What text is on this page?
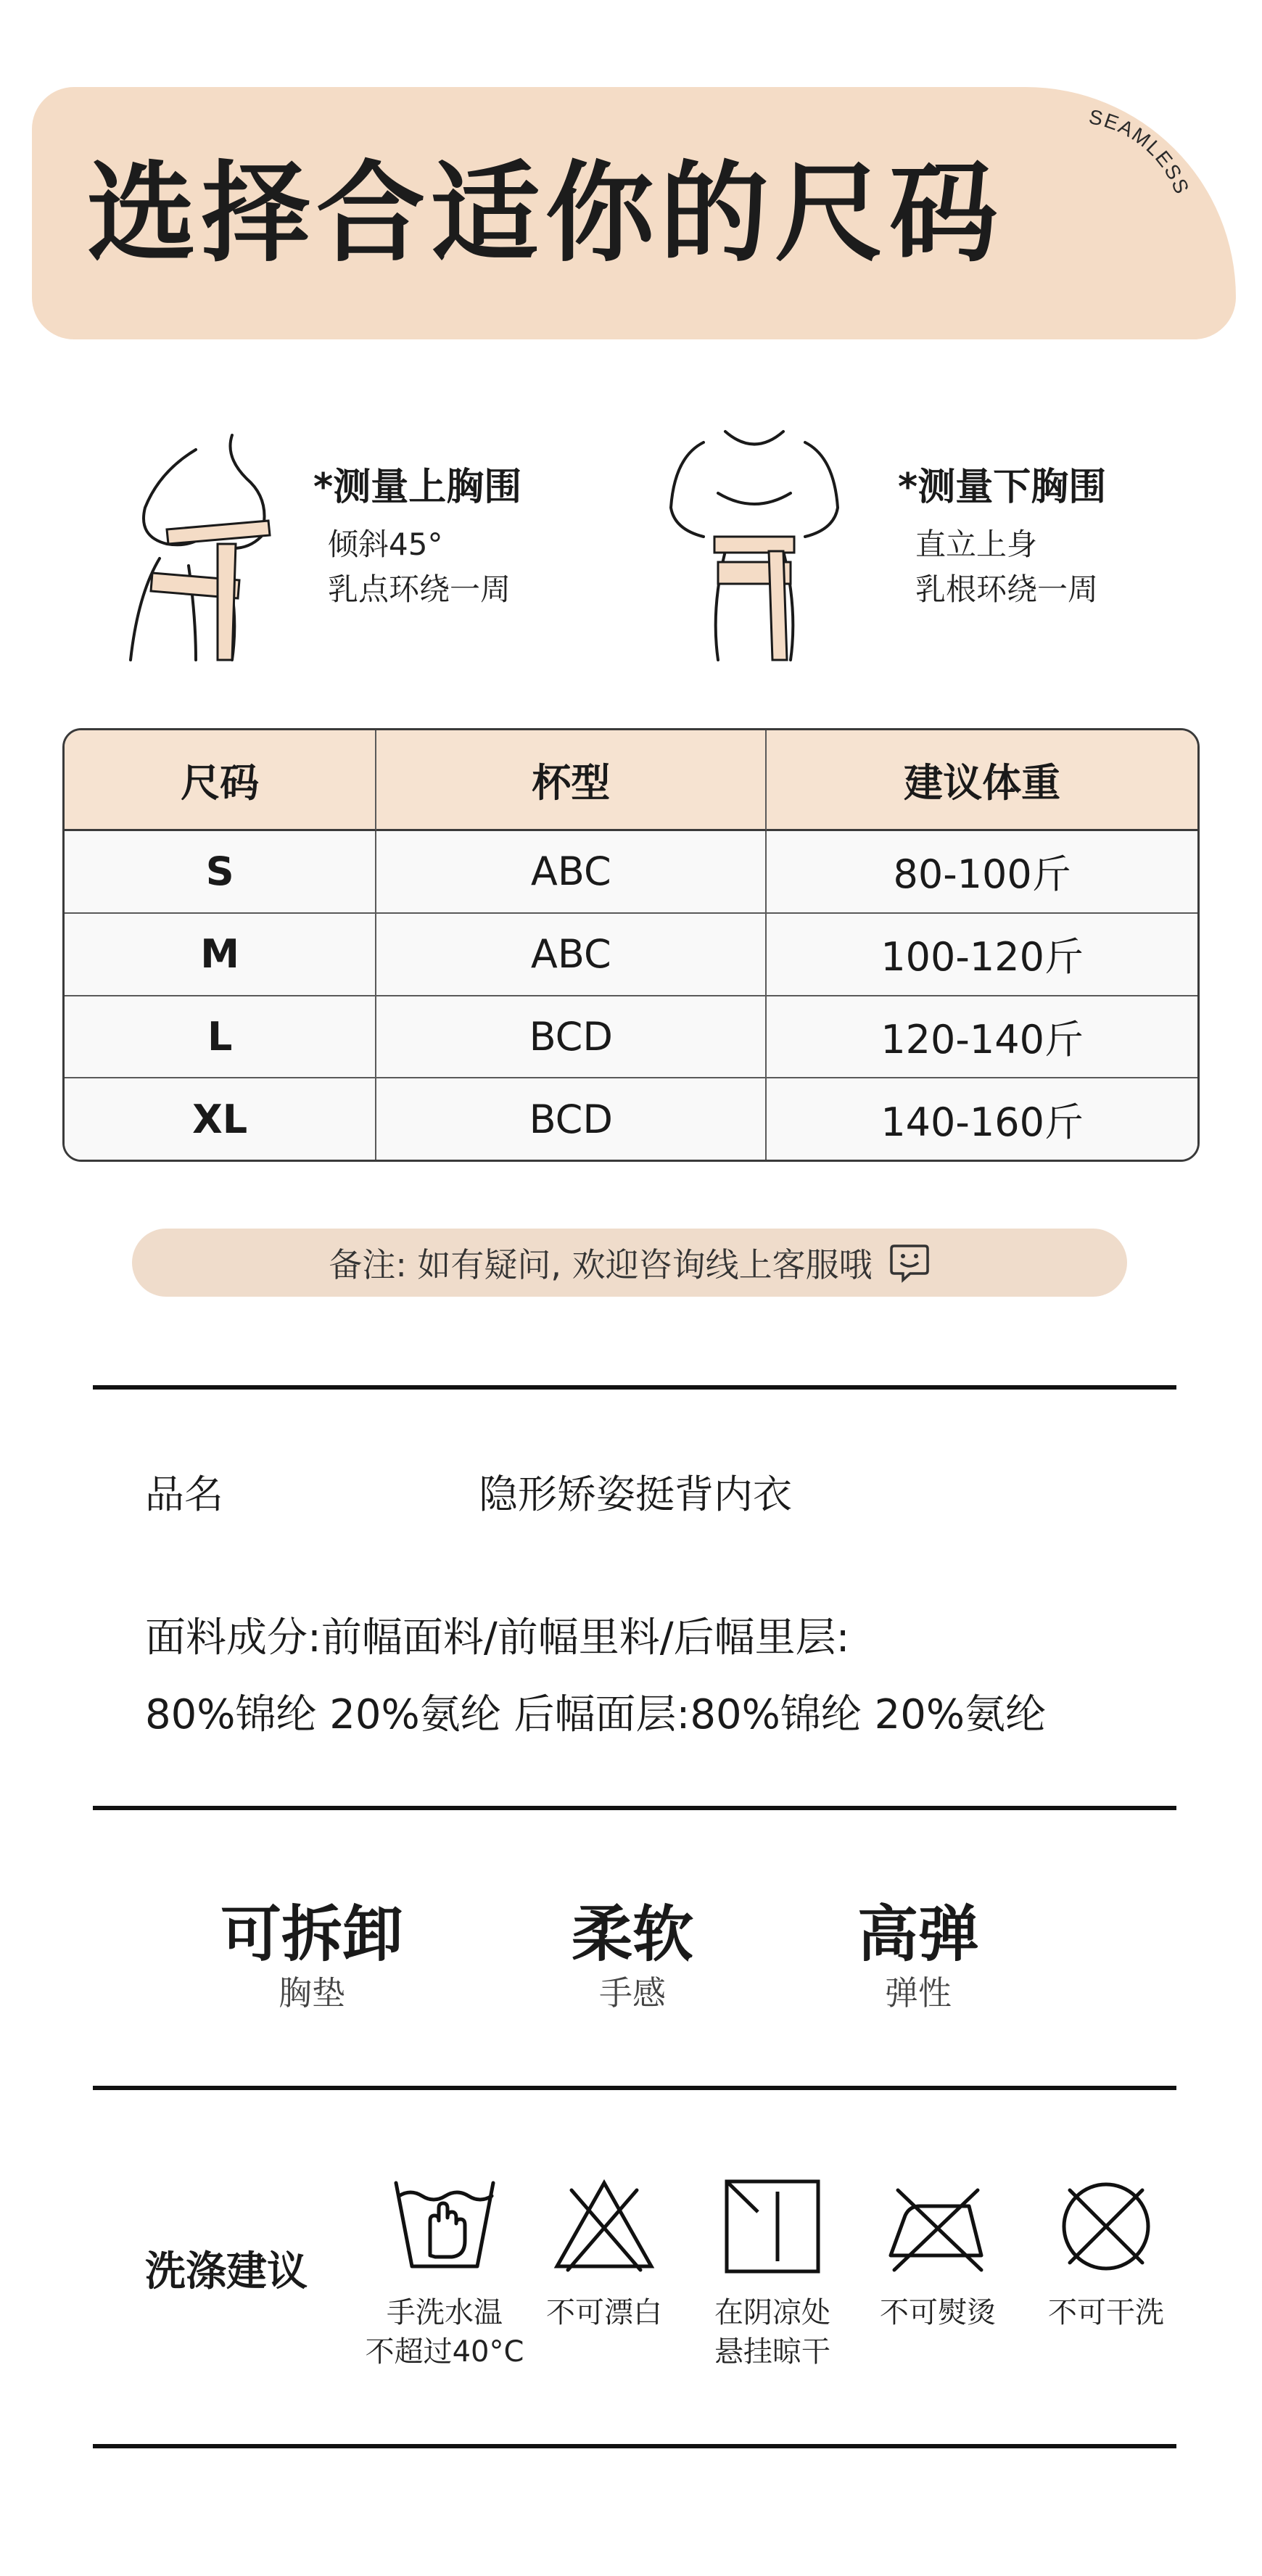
选择合适你的尺码
SEAMLESS
*测量上胸围
倾斜45°
乳点环绕一周
*测量下胸围
直立上身
乳根环绕一周
尺码	杯型	建议体重
S	ABC	80-100斤
M	ABC	100-120斤
L	BCD	120-140斤
XL	BCD	140-160斤
备注: 如有疑问, 欢迎咨询线上客服哦
品名	隐形矫姿挺背内衣
面料成分:前幅面料/前幅里料/后幅里层:
80%锦纶 20%氨纶 后幅面层:80%锦纶 20%氨纶
可拆卸
胸垫
柔软
手感
高弹
弹性
洗涤建议
手洗水温
不超过40°C
不可漂白	在阴凉处
悬挂晾干
不可熨烫	不可干洗
